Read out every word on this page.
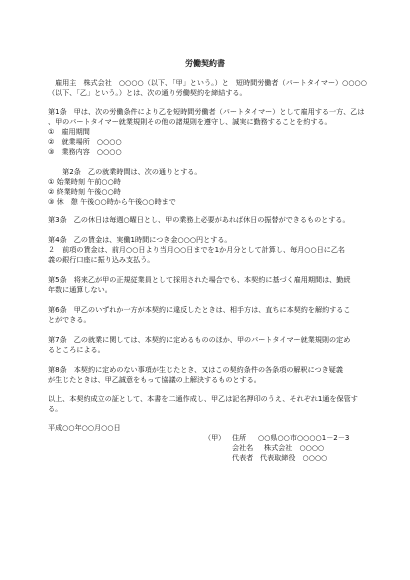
労働契約書
　雇用主　株式会社　○○○○（以下、「甲」という。）と　短時間労働者（パートタイマー）○○○○
（以下、「乙」という。）とは、次の通り労働契約を締結する。
第1条　甲は、次の労働条件により乙を短時間労働者（パートタイマー）として雇用する一方、乙は
、甲のパートタイマー就業規則その他の諸規則を遵守し、誠実に勤務することを約する。
①　雇用期間
②　就業場所　○○○○
③　業務内容　○○○○
　　第2条　乙の就業時間は、次の通りとする。
① 始業時刻 午前○○時
② 終業時刻 午後○○時
③ 休　憩 午後○○時から午後○○時まで
第3条　乙の休日は毎週○曜日とし、甲の業務上必要があれば休日の振替ができるものとする。
第4条　乙の賃金は、実働1時間につき金○○○円とする。
２　前項の賃金は、前月○○日より当月○○日までを1か月分として計算し、毎月○○日に乙名
義の銀行口座に振り込み支払う。
第5条　将来乙が甲の正規従業員として採用された場合でも、本契約に基づく雇用期間は、勤続
年数に通算しない。
第6条　甲乙のいずれか一方が本契約に違反したときは、相手方は、直ちに本契約を解約するこ
とができる。
第7条　乙の就業に関しては、本契約に定めるもののほか、甲のパートタイマー就業規則の定め
るところによる。
第8条　本契約に定めのない事項が生じたとき、又はこの契約条件の各条項の解釈につき疑義
が生じたときは、甲乙誠意をもって協議の上解決するものとする。
以上、本契約成立の証として、本書を二通作成し、甲乙は記名押印のうえ、それぞれ1通を保管す
る。
平成○○年○○月○○日
（甲） 住所 ○○県○○市○○○○1－2－3
会社名 株式会社　○○○○
代表者 代表取締役　○○○○
